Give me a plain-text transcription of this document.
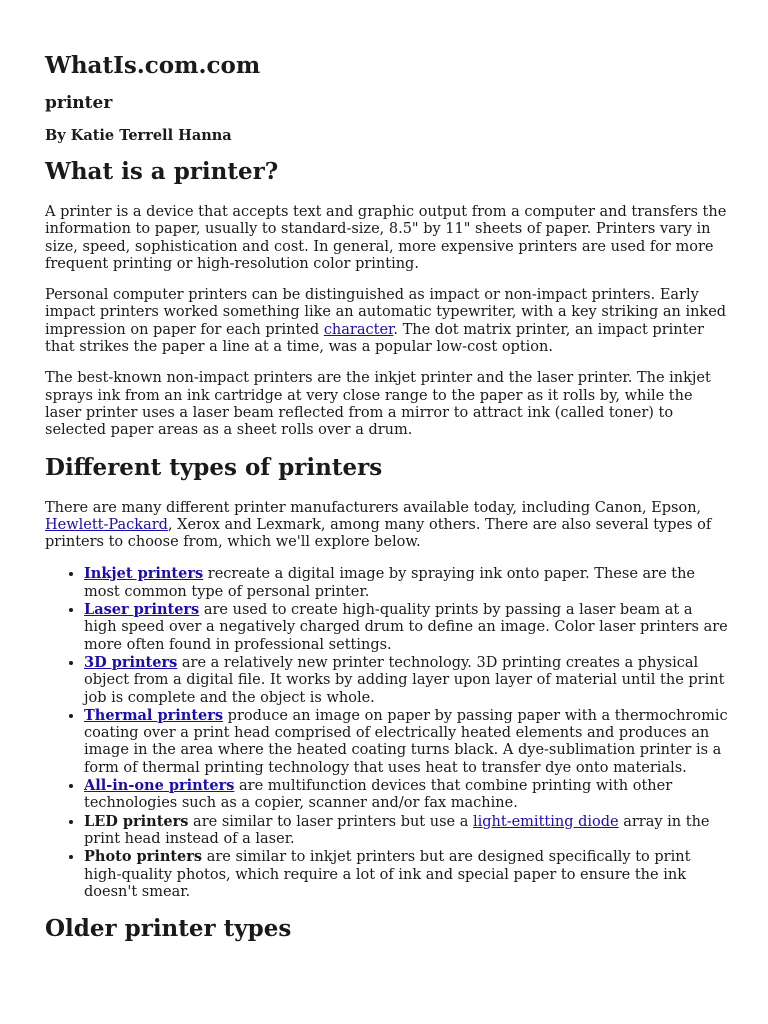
WhatIs.com.com
printer
By Katie Terrell Hanna
What is a printer?

A printer is a device that accepts text and graphic output from a computer and transfers the information to paper, usually to standard-size, 8.5" by 11" sheets of paper. Printers vary in size, speed, sophistication and cost. In general, more expensive printers are used for more frequent printing or high-resolution color printing.

Personal computer printers can be distinguished as impact or non-impact printers. Early impact printers worked something like an automatic typewriter, with a key striking an inked impression on paper for each printed character. The dot matrix printer, an impact printer that strikes the paper a line at a time, was a popular low-cost option.

The best-known non-impact printers are the inkjet printer and the laser printer. The inkjet sprays ink from an ink cartridge at very close range to the paper as it rolls by, while the laser printer uses a laser beam reflected from a mirror to attract ink (called toner) to selected paper areas as a sheet rolls over a drum.

Different types of printers

There are many different printer manufacturers available today, including Canon, Epson, Hewlett-Packard, Xerox and Lexmark, among many others. There are also several types of printers to choose from, which we'll explore below.

• Inkjet printers recreate a digital image by spraying ink onto paper. These are the most common type of personal printer.
• Laser printers are used to create high-quality prints by passing a laser beam at a high speed over a negatively charged drum to define an image. Color laser printers are more often found in professional settings.
• 3D printers are a relatively new printer technology. 3D printing creates a physical object from a digital file. It works by adding layer upon layer of material until the print job is complete and the object is whole.
• Thermal printers produce an image on paper by passing paper with a thermochromic coating over a print head comprised of electrically heated elements and produces an image in the area where the heated coating turns black. A dye-sublimation printer is a form of thermal printing technology that uses heat to transfer dye onto materials.
• All-in-one printers are multifunction devices that combine printing with other technologies such as a copier, scanner and/or fax machine.
• LED printers are similar to laser printers but use a light-emitting diode array in the print head instead of a laser.
• Photo printers are similar to inkjet printers but are designed specifically to print high-quality photos, which require a lot of ink and special paper to ensure the ink doesn't smear.
Older printer types
